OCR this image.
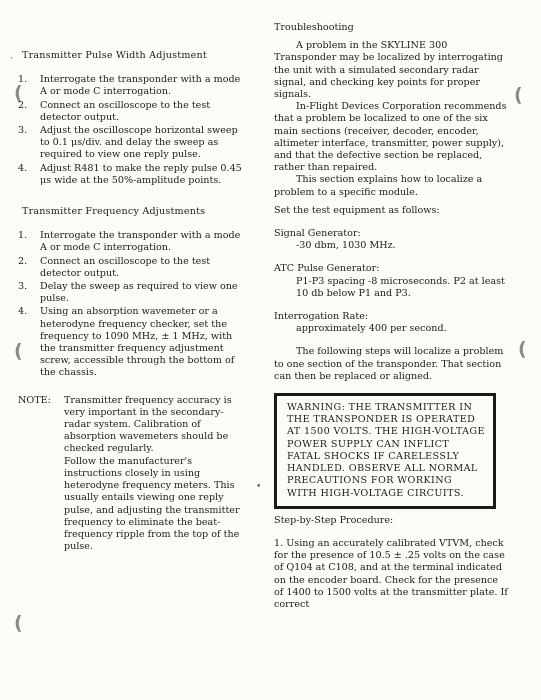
(
(
(
(
(
·
•
Transmitter Pulse Width Adjustment
1.	Interrogate the transponder with a mode A or mode C interrogation.
2.	Connect an oscilloscope to the test detector output.
3.	Adjust the oscilloscope horizontal sweep to 0.1 μs/div. and delay the sweep as required to view one reply pulse.
4.	Adjust R481 to make the reply pulse 0.45 μs wide at the 50%-amplitude points.
Transmitter Frequency Adjustments
1.	Interrogate the transponder with a mode A or mode C interrogation.
2.	Connect an oscilloscope to the test detector output.
3.	Delay the sweep as required to view one pulse.
4.	Using an absorption wavemeter or a heterodyne frequency checker, set the frequency to 1090 MHz, ± 1 MHz, with the transmitter frequency adjustment screw, accessible through the bottom of the chassis.
NOTE:	Transmitter frequency accuracy is very important in the secondary-radar system. Calibration of absorption wavemeters should be checked regularly.

Follow the manufacturer's instructions closely in using heterodyne frequency meters. This usually entails viewing one reply pulse, and adjusting the transmitter frequency to eliminate the beat-frequency ripple from the top of the pulse.

Troubleshooting

A problem in the SKYLINE 300 Transponder may be localized by interrogating the unit with a simulated secondary radar signal, and checking key points for proper signals.

In-Flight Devices Corporation recommends that a problem be localized to one of the six main sections (receiver, decoder, encoder, altimeter interface, transmitter, power supply), and that the defective section be replaced, rather than repaired.

This section explains how to localize a problem to a specific module.

Set the test equipment as follows:

Signal Generator:

-30 dbm, 1030 MHz.

ATC Pulse Generator:

P1-P3 spacing -8 microseconds. P2 at least 10 db below P1 and P3.

Interrogation Rate:

approximately 400 per second.

The following steps will localize a problem to one section of the transponder. That section can then be replaced or aligned.

WARNING: THE TRANSMITTER IN THE TRANSPONDER IS OPERATED AT 1500 VOLTS. THE HIGH-VOLTAGE POWER SUPPLY CAN INFLICT FATAL SHOCKS IF CARELESSLY HANDLED. OBSERVE ALL NORMAL PRECAUTIONS FOR WORKING WITH HIGH-VOLTAGE CIRCUITS.

Step-by-Step Procedure:

1. Using an accurately calibrated VTVM, check for the presence of 10.5 ± .25 volts on the case of Q104 at C108, and at the terminal indicated on the encoder board. Check for the presence of 1400 to 1500 volts at the transmitter plate. If correct
